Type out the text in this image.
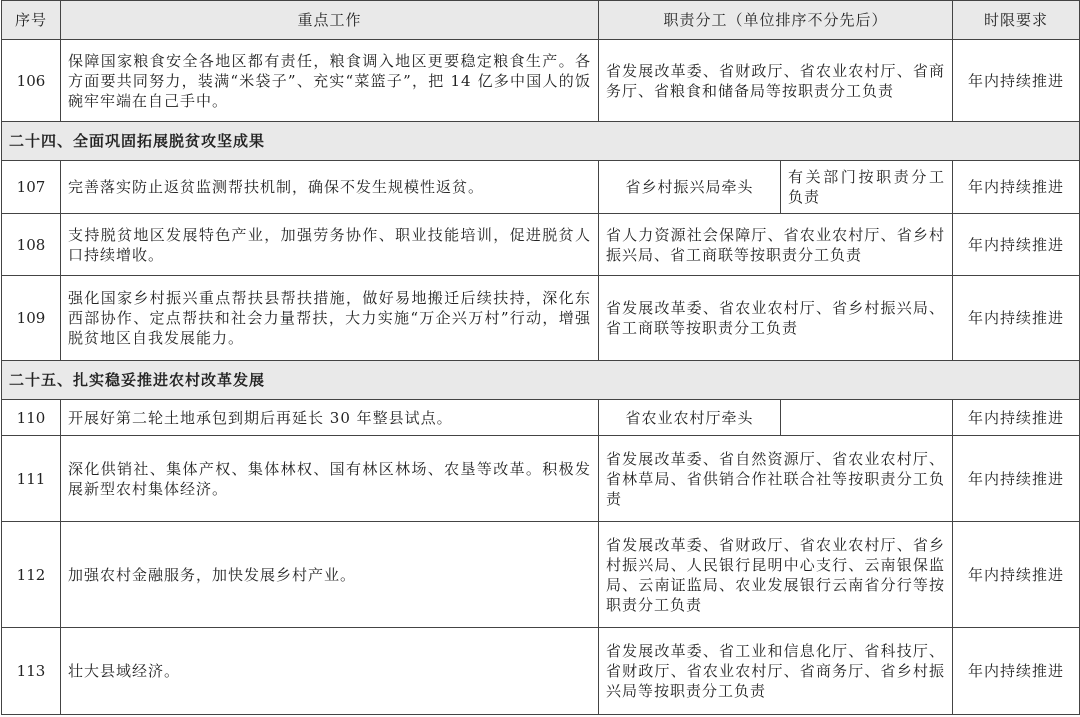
序号	重点工作	职责分工（单位排序不分先后）		时限要求
106	保障国家粮食安全各地区都有责任，粮食调入地区更要稳定粮食生产。各方面要共同努力，装满“米袋子”、充实“菜篮子”，把 14 亿多中国人的饭碗牢牢端在自己手中。	省发展改革委、省财政厅、省农业农村厅、省商务厅、省粮食和储备局等按职责分工负责		年内持续推进
二十四、全面巩固拓展脱贫攻坚成果				
107	完善落实防止返贫监测帮扶机制，确保不发生规模性返贫。	省乡村振兴局牵头	有关部门按职责分工负责	年内持续推进
108	支持脱贫地区发展特色产业，加强劳务协作、职业技能培训，促进脱贫人口持续增收。	省人力资源社会保障厅、省农业农村厅、省乡村振兴局、省工商联等按职责分工负责		年内持续推进
109	强化国家乡村振兴重点帮扶县帮扶措施，做好易地搬迁后续扶持，深化东西部协作、定点帮扶和社会力量帮扶，大力实施“万企兴万村”行动，增强脱贫地区自我发展能力。	省发展改革委、省农业农村厅、省乡村振兴局、省工商联等按职责分工负责		年内持续推进
二十五、扎实稳妥推进农村改革发展				
110	开展好第二轮土地承包到期后再延长 30 年整县试点。	省农业农村厅牵头		年内持续推进
111	深化供销社、集体产权、集体林权、国有林区林场、农垦等改革。积极发展新型农村集体经济。	省发展改革委、省自然资源厅、省农业农村厅、省林草局、省供销合作社联合社等按职责分工负责		年内持续推进
112	加强农村金融服务，加快发展乡村产业。	省发展改革委、省财政厅、省农业农村厅、省乡村振兴局、人民银行昆明中心支行、云南银保监局、云南证监局、农业发展银行云南省分行等按职责分工负责		年内持续推进
113	壮大县域经济。	省发展改革委、省工业和信息化厅、省科技厅、省财政厅、省农业农村厅、省商务厅、省乡村振兴局等按职责分工负责		年内持续推进
